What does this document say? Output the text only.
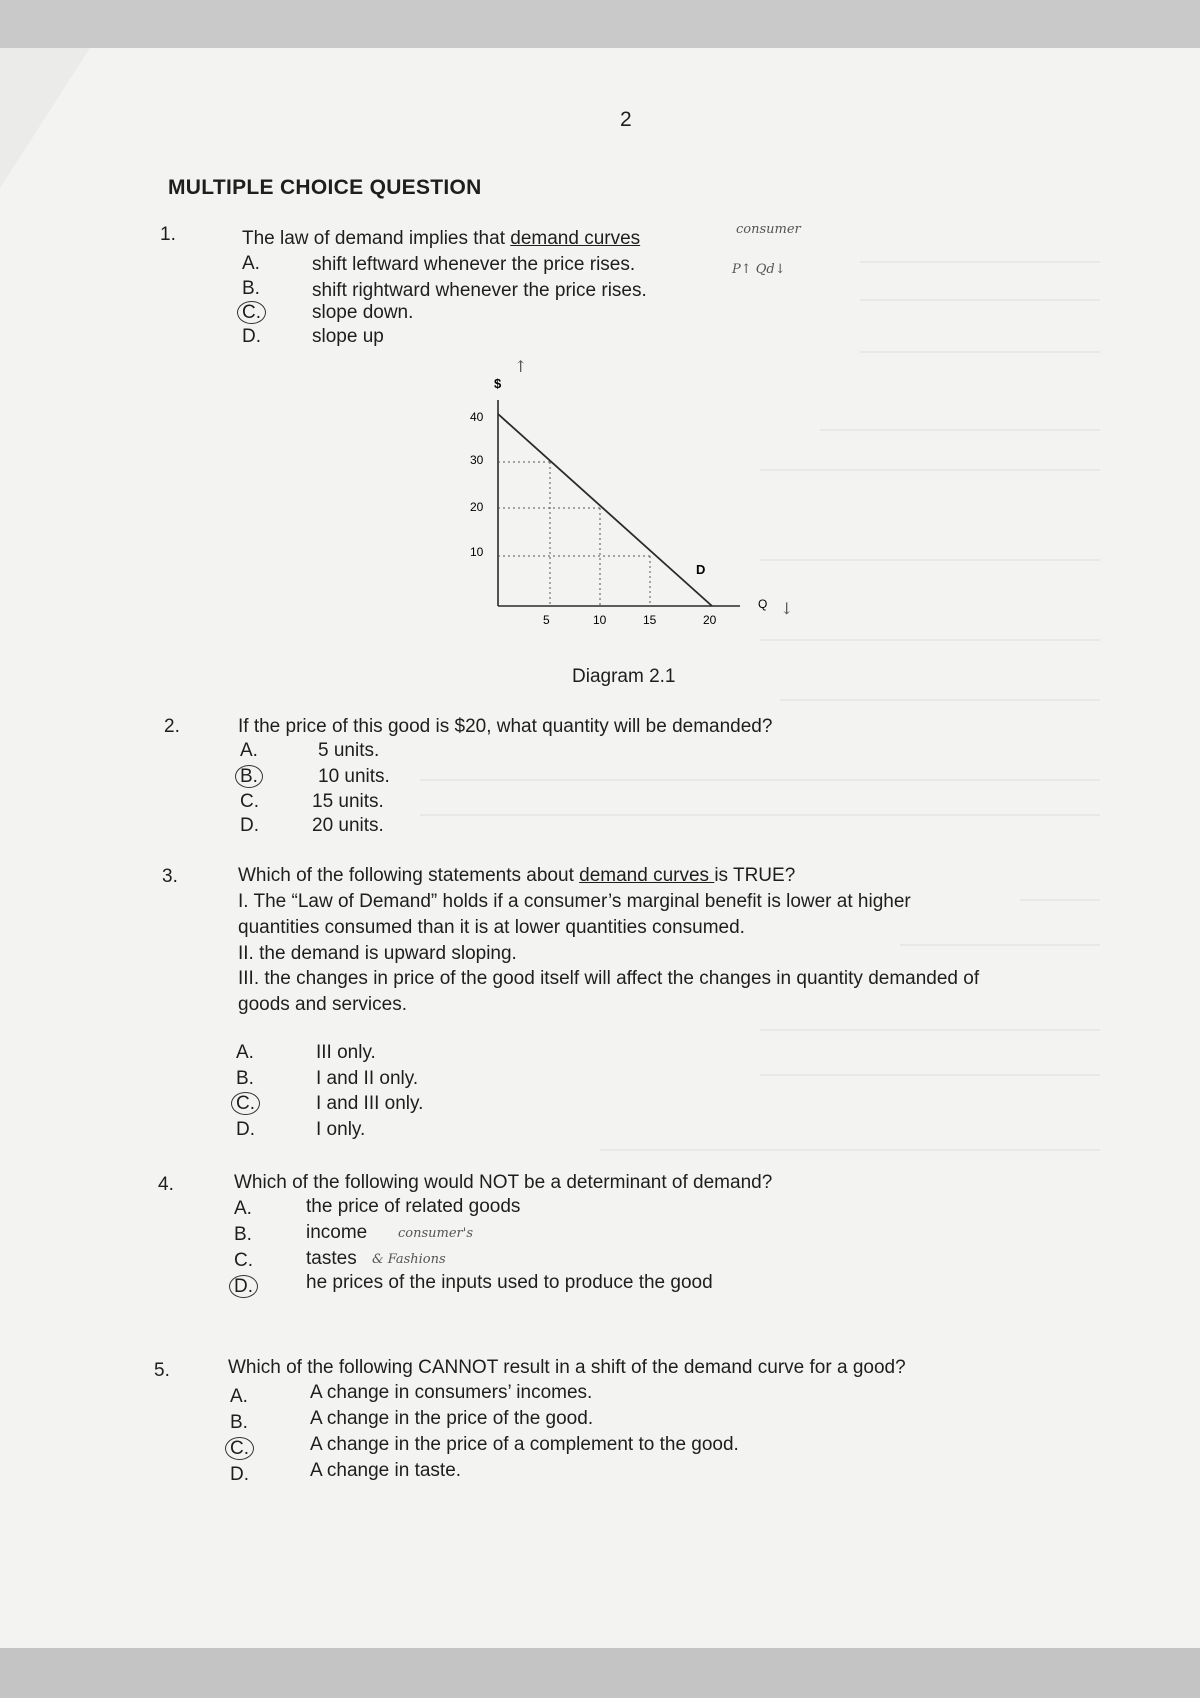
2
MULTIPLE CHOICE QUESTION
1.	The law of demand implies that demand curves	consumer
P↑ Qd↓
A.	shift leftward whenever the price rises.
B.	shift rightward whenever the price rises.
C.	slope down.
D.	slope up
$
↑
40
30
20
10
D
5	10	15	20
Q ↓
Diagram 2.1
2.	If the price of this good is $20, what quantity will be demanded?
A.	5 units.
B.	10 units.
C.	15 units.
D.	20 units.
3.	Which of the following statements about demand curves is TRUE?
I. The “Law of Demand” holds if a consumer’s marginal benefit is lower at higher
quantities consumed than it is at lower quantities consumed.
II. the demand is upward sloping.
III. the changes in price of the good itself will affect the changes in quantity demanded of
goods and services.
A.	III only.
B.	I and II only.
C.	I and III only.
D.	I only.
4.	Which of the following would NOT be a determinant of demand?
A.	the price of related goods
B.	income consumer's
C.	tastes & Fashions
D.	he prices of the inputs used to produce the good
5.	Which of the following CANNOT result in a shift of the demand curve for a good?
A.	A change in consumers’ incomes.
B.	A change in the price of the good.
C.	A change in the price of a complement to the good.
D.	A change in taste.
